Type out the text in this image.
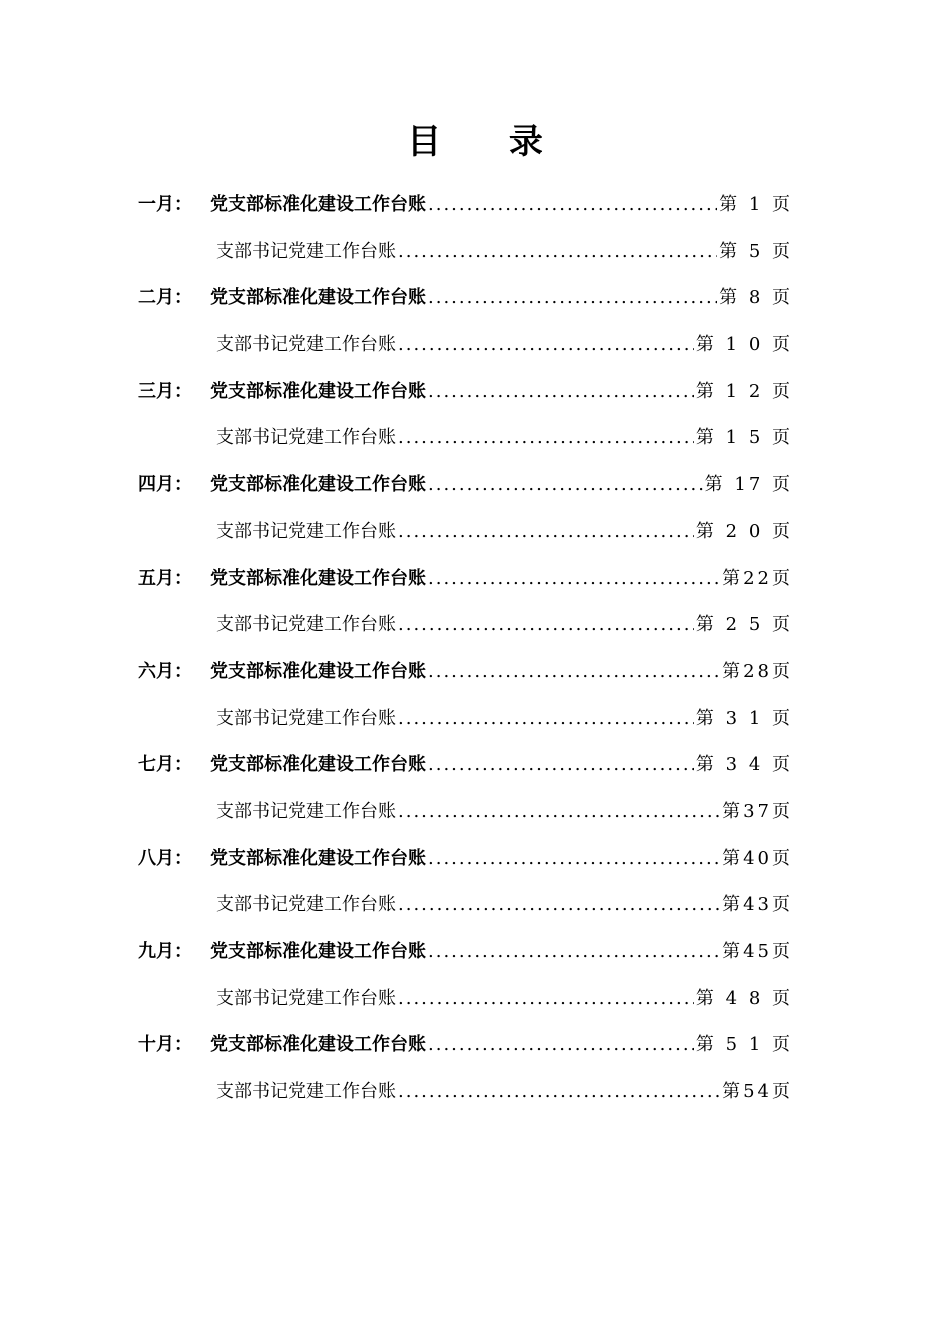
目 录
一月：	党支部标准化建设工作台账 .....	第 1 页
支部书记党建工作台账 .....	第 5 页
二月：	党支部标准化建设工作台账 .....	第 8 页
支部书记党建工作台账 .....	第 1 0 页
三月：	党支部标准化建设工作台账 .....	第 1 2 页
支部书记党建工作台账 .....	第 1 5 页
四月：	党支部标准化建设工作台账 .....	第 17 页
支部书记党建工作台账 .....	第 2 0 页
五月：	党支部标准化建设工作台账 .....	第22页
支部书记党建工作台账 .....	第 2 5 页
六月：	党支部标准化建设工作台账 .....	第28页
支部书记党建工作台账 .....	第 3 1 页
七月：	党支部标准化建设工作台账 .....	第 3 4 页
支部书记党建工作台账 .....	第37页
八月：	党支部标准化建设工作台账 .....	第40页
支部书记党建工作台账 .....	第43页
九月：	党支部标准化建设工作台账 .....	第45页
支部书记党建工作台账 .....	第 4 8 页
十月：	党支部标准化建设工作台账 .....	第 5 1 页
支部书记党建工作台账 .....	第54页
